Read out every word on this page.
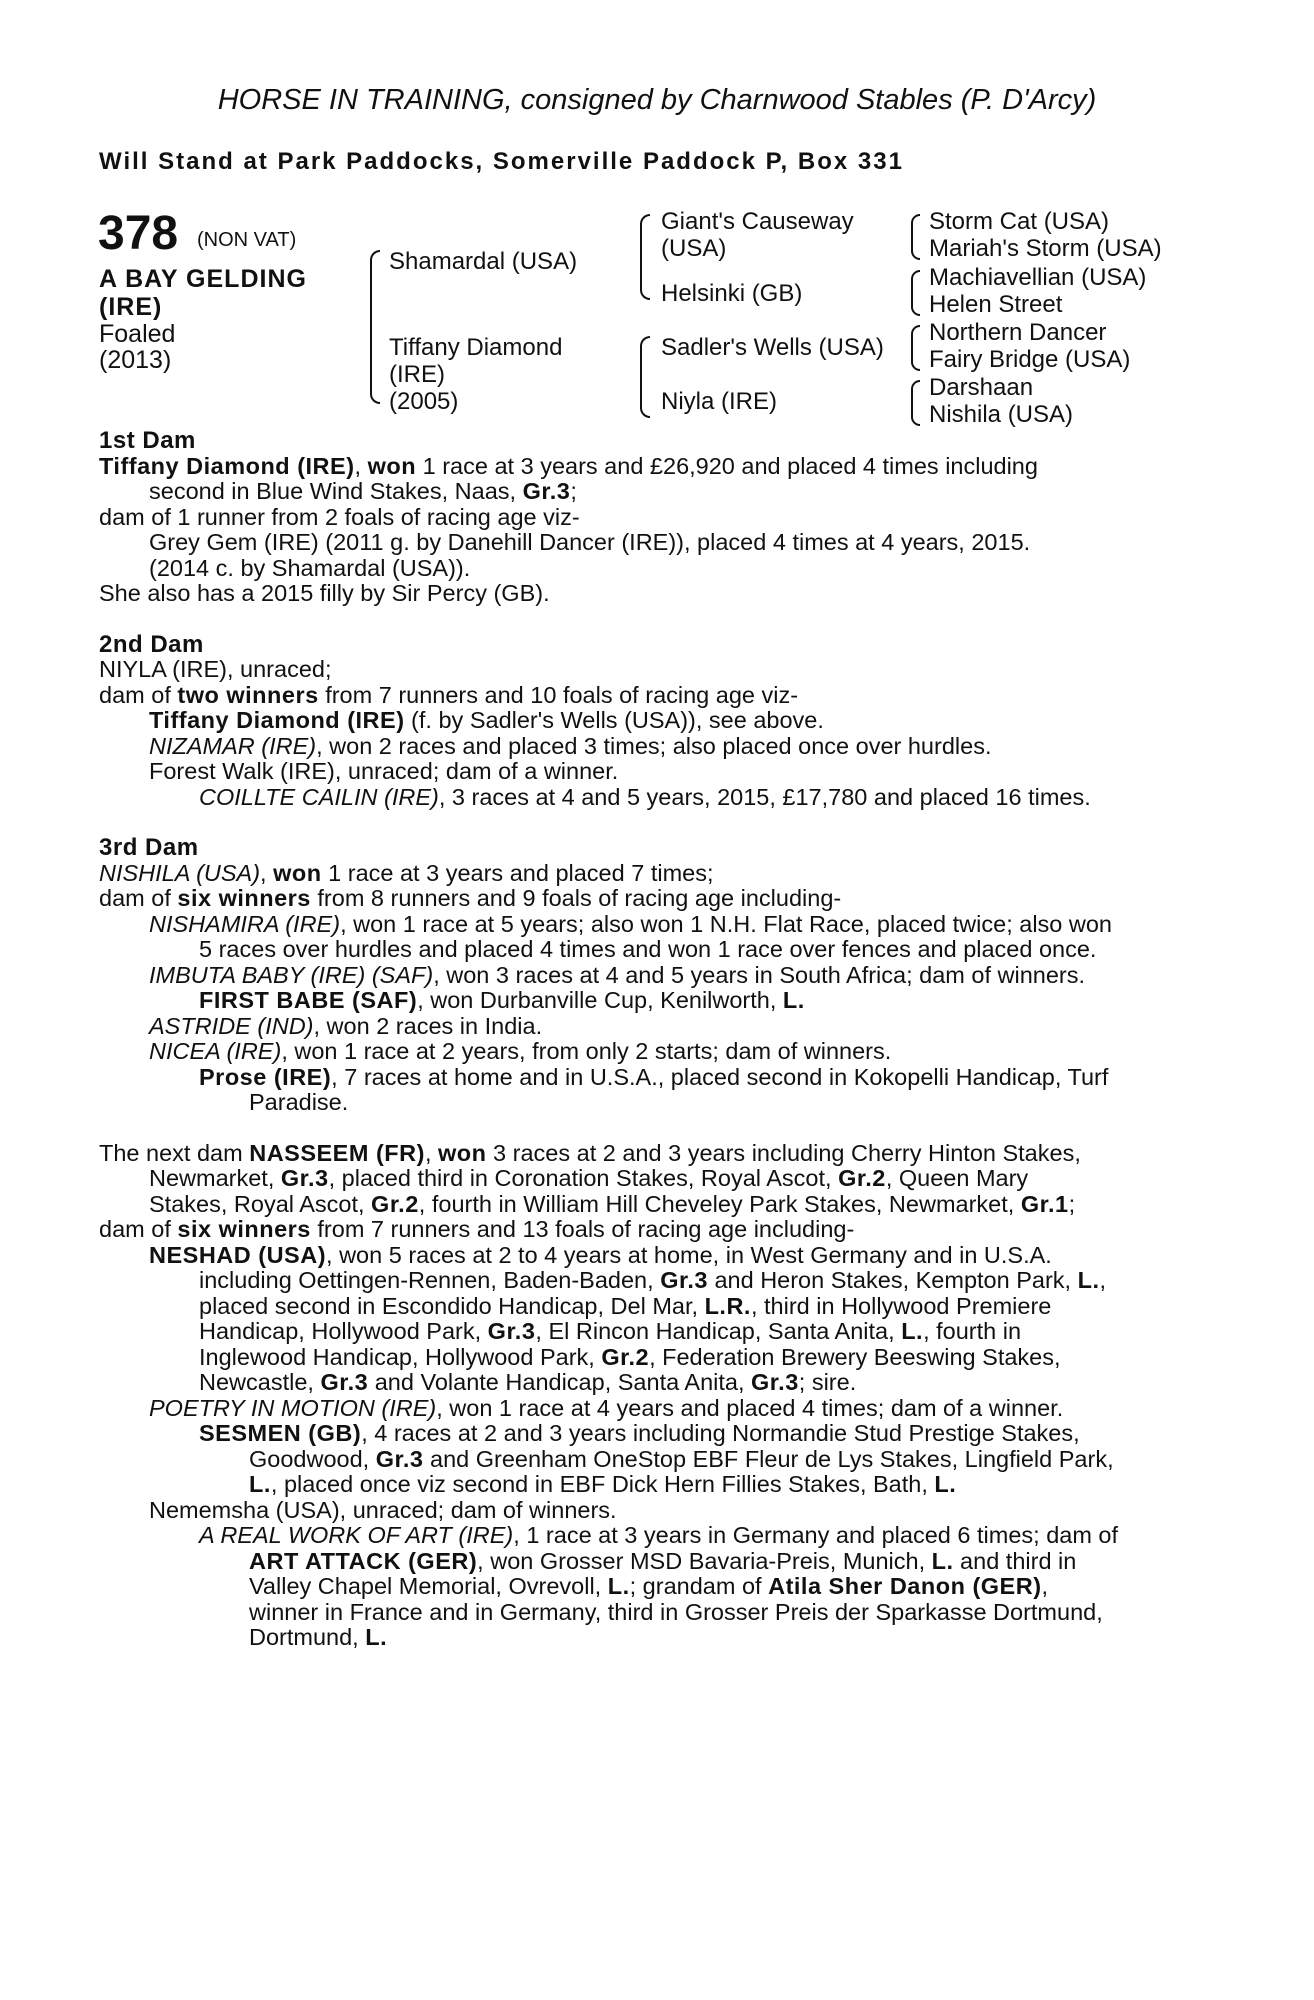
HORSE IN TRAINING, consigned by Charnwood Stables (P. D'Arcy)
Will Stand at Park Paddocks, Somerville Paddock P, Box 331
378 (NON VAT)
A BAY GELDING
(IRE)
Foaled
(2013)
Shamardal (USA)
Tiffany Diamond
(IRE)
(2005)
Giant's Causeway
(USA)
Helsinki (GB)
Sadler's Wells (USA)
Niyla (IRE)
Storm Cat (USA)
Mariah's Storm (USA)
Machiavellian (USA)
Helen Street
Northern Dancer
Fairy Bridge (USA)
Darshaan
Nishila (USA)
1st Dam
Tiffany Diamond (IRE), won 1 race at 3 years and £26,920 and placed 4 times including
second in Blue Wind Stakes, Naas, Gr.3;
dam of 1 runner from 2 foals of racing age viz-
Grey Gem (IRE) (2011 g. by Danehill Dancer (IRE)), placed 4 times at 4 years, 2015.
(2014 c. by Shamardal (USA)).
She also has a 2015 filly by Sir Percy (GB).
2nd Dam
NIYLA (IRE), unraced;
dam of two winners from 7 runners and 10 foals of racing age viz-
Tiffany Diamond (IRE) (f. by Sadler's Wells (USA)), see above.
NIZAMAR (IRE), won 2 races and placed 3 times; also placed once over hurdles.
Forest Walk (IRE), unraced; dam of a winner.
COILLTE CAILIN (IRE), 3 races at 4 and 5 years, 2015, £17,780 and placed 16 times.
3rd Dam
NISHILA (USA), won 1 race at 3 years and placed 7 times;
dam of six winners from 8 runners and 9 foals of racing age including-
NISHAMIRA (IRE), won 1 race at 5 years; also won 1 N.H. Flat Race, placed twice; also won
5 races over hurdles and placed 4 times and won 1 race over fences and placed once.
IMBUTA BABY (IRE) (SAF), won 3 races at 4 and 5 years in South Africa; dam of winners.
FIRST BABE (SAF), won Durbanville Cup, Kenilworth, L.
ASTRIDE (IND), won 2 races in India.
NICEA (IRE), won 1 race at 2 years, from only 2 starts; dam of winners.
Prose (IRE), 7 races at home and in U.S.A., placed second in Kokopelli Handicap, Turf
Paradise.
The next dam NASSEEM (FR), won 3 races at 2 and 3 years including Cherry Hinton Stakes,
Newmarket, Gr.3, placed third in Coronation Stakes, Royal Ascot, Gr.2, Queen Mary
Stakes, Royal Ascot, Gr.2, fourth in William Hill Cheveley Park Stakes, Newmarket, Gr.1;
dam of six winners from 7 runners and 13 foals of racing age including-
NESHAD (USA), won 5 races at 2 to 4 years at home, in West Germany and in U.S.A.
including Oettingen-Rennen, Baden-Baden, Gr.3 and Heron Stakes, Kempton Park, L.,
placed second in Escondido Handicap, Del Mar, L.R., third in Hollywood Premiere
Handicap, Hollywood Park, Gr.3, El Rincon Handicap, Santa Anita, L., fourth in
Inglewood Handicap, Hollywood Park, Gr.2, Federation Brewery Beeswing Stakes,
Newcastle, Gr.3 and Volante Handicap, Santa Anita, Gr.3; sire.
POETRY IN MOTION (IRE), won 1 race at 4 years and placed 4 times; dam of a winner.
SESMEN (GB), 4 races at 2 and 3 years including Normandie Stud Prestige Stakes,
Goodwood, Gr.3 and Greenham OneStop EBF Fleur de Lys Stakes, Lingfield Park,
L., placed once viz second in EBF Dick Hern Fillies Stakes, Bath, L.
Nememsha (USA), unraced; dam of winners.
A REAL WORK OF ART (IRE), 1 race at 3 years in Germany and placed 6 times; dam of
ART ATTACK (GER), won Grosser MSD Bavaria-Preis, Munich, L. and third in
Valley Chapel Memorial, Ovrevoll, L.; grandam of Atila Sher Danon (GER),
winner in France and in Germany, third in Grosser Preis der Sparkasse Dortmund,
Dortmund, L.
